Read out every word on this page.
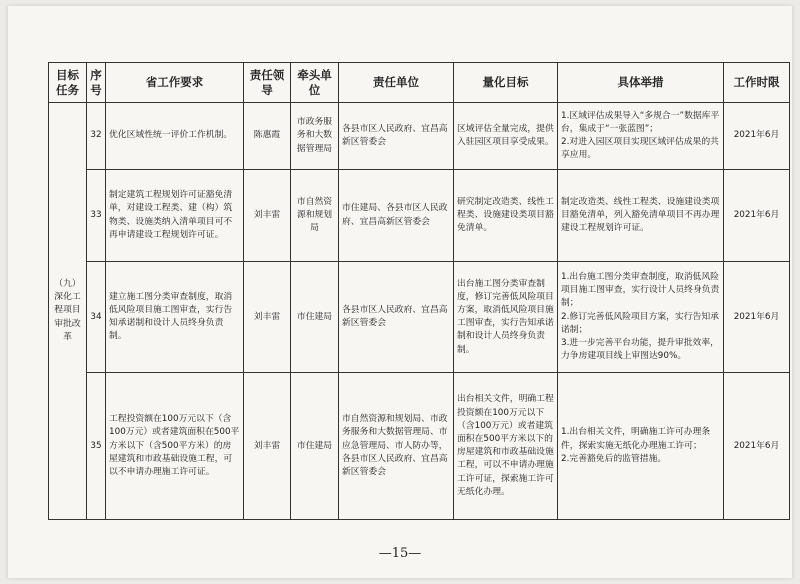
目标任务	序号	省工作要求	责任领导	牵头单位	责任单位	量化目标	具体举措	工作时限
（九）深化工程项目审批改革	32	优化区域性统一评价工作机制。	陈惠霞	市政务服务和大数据管理局	各县市区人民政府、宜昌高新区管委会	区域评估全量完成，提供入驻园区项目享受成果。	1.区域评估成果导入“多规合一”数据库平台，集成于“一张蓝图”；
2.对进入园区项目实现区域评估成果的共享应用。	2021年6月
	33	制定建筑工程规划许可证豁免清单，对建设工程类、建（构）筑物类、设施类纳入清单项目可不再申请建设工程规划许可证。	刘丰雷	市自然资源和规划局	市住建局、各县市区人民政府、宜昌高新区管委会	研究制定改造类、线性工程类、设施建设类项目豁免清单。	制定改造类、线性工程类、设施建设类项目豁免清单，列入豁免清单项目不再办理建设工程规划许可证。	2021年6月
	34	建立施工图分类审查制度，取消低风险项目施工图审查，实行告知承诺制和设计人员终身负责制。	刘丰雷	市住建局	各县市区人民政府、宜昌高新区管委会	出台施工图分类审查制度，修订完善低风险项目方案，取消低风险项目施工图审查，实行告知承诺制和设计人员终身负责制。	1.出台施工图分类审查制度，取消低风险项目施工图审查，实行设计人员终身负责制；
2.修订完善低风险项目方案，实行告知承诺制；
3.进一步完善平台功能，提升审批效率，力争房建项目线上审图达90%。	2021年6月
	35	工程投资额在100万元以下（含100万元）或者建筑面积在500平方米以下（含500平方米）的房屋建筑和市政基础设施工程，可以不申请办理施工许可证。	刘丰雷	市住建局	市自然资源和规划局、市政务服务和大数据管理局、市应急管理局、市人防办等，各县市区人民政府、宜昌高新区管委会	出台相关文件，明确工程投资额在100万元以下（含100万元）或者建筑面积在500平方米以下的房屋建筑和市政基础设施工程，可以不申请办理施工许可证，探索施工许可无纸化办理。	1.出台相关文件，明确施工许可办理条件，探索实施无纸化办理施工许可；
2.完善豁免后的监管措施。	2021年6月
—15—
